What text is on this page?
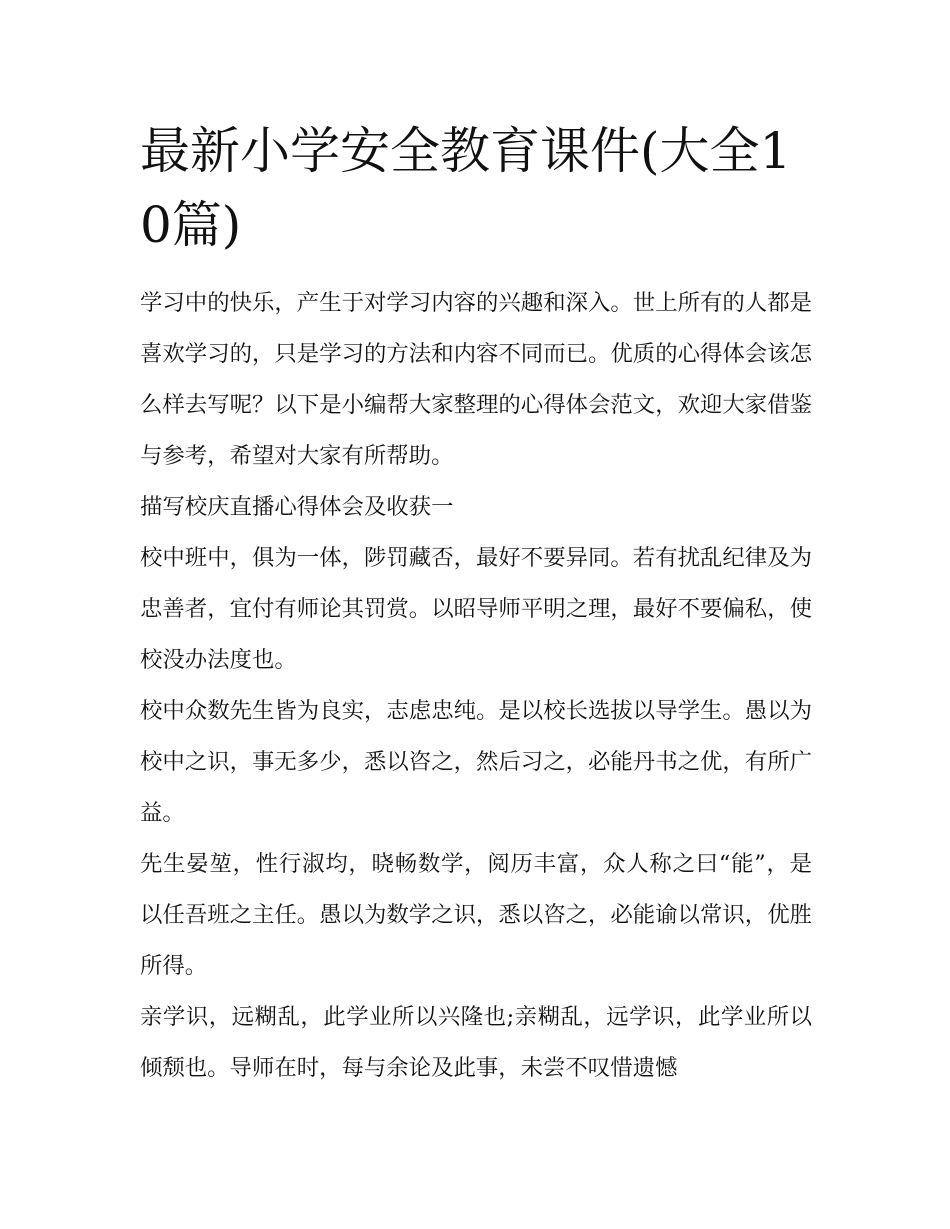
最新小学安全教育课件(大全10篇)

学习中的快乐，产生于对学习内容的兴趣和深入。世上所有的人都是喜欢学习的，只是学习的方法和内容不同而已。优质的心得体会该怎么样去写呢？以下是小编帮大家整理的心得体会范文，欢迎大家借鉴与参考，希望对大家有所帮助。

描写校庆直播心得体会及收获一

校中班中，俱为一体，陟罚藏否，最好不要异同。若有扰乱纪律及为忠善者，宜付有师论其罚赏。以昭导师平明之理，最好不要偏私，使校没办法度也。

校中众数先生皆为良实，志虑忠纯。是以校长选拔以导学生。愚以为校中之识，事无多少，悉以咨之，然后习之，必能丹书之优，有所广益。

先生晏堃，性行淑均，晓畅数学，阅历丰富，众人称之曰“能”，是以任吾班之主任。愚以为数学之识，悉以咨之，必能谕以常识，优胜所得。

亲学识，远糊乱，此学业所以兴隆也;亲糊乱，远学识，此学业所以倾颓也。导师在时，每与余论及此事，未尝不叹惜遗憾
